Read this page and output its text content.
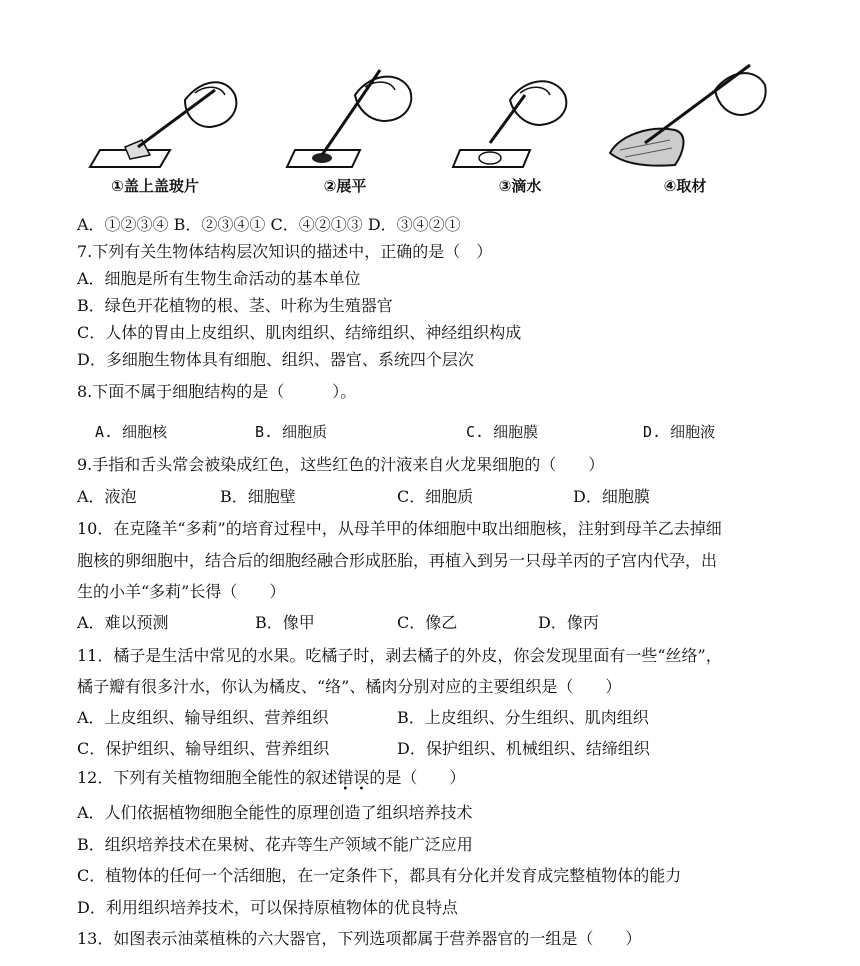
①盖上盖玻片	②展平	③滴水	④取材
A．①②③④ B．②③④① C．④②①③ D．③④②①
7.下列有关生物体结构层次知识的描述中，正确的是（　）
A．细胞是所有生物生命活动的基本单位
B．绿色开花植物的根、茎、叶称为生殖器官
C．人体的胃由上皮组织、肌肉组织、结缔组织、神经组织构成
D．多细胞生物体具有细胞、组织、器官、系统四个层次
8.下面不属于细胞结构的是（　　　）。
A. 细胞核	B. 细胞质	C. 细胞膜	D. 细胞液
9.手指和舌头常会被染成红色，这些红色的汁液来自火龙果细胞的（　　）
A．液泡	B．细胞壁	C．细胞质	D．细胞膜
10．在克隆羊“多莉”的培育过程中，从母羊甲的体细胞中取出细胞核，注射到母羊乙去掉细
胞核的卵细胞中，结合后的细胞经融合形成胚胎，再植入到另一只母羊丙的子宫内代孕，出
生的小羊“多莉”长得（　　）
A．难以预测	B．像甲	C．像乙	D．像丙
11．橘子是生活中常见的水果。吃橘子时，剥去橘子的外皮，你会发现里面有一些“丝络”，
橘子瓣有很多汁水，你认为橘皮、“络”、橘肉分别对应的主要组织是（　　）
A．上皮组织、输导组织、营养组织	B．上皮组织、分生组织、肌肉组织
C．保护组织、输导组织、营养组织	D．保护组织、机械组织、结缔组织
12．下列有关植物细胞全能性的叙述错
•
误
•
的是（　　）
A．人们依据植物细胞全能性的原理创造了组织培养技术
B．组织培养技术在果树、花卉等生产领域不能广泛应用
C．植物体的任何一个活细胞，在一定条件下，都具有分化并发育成完整植物体的能力
D．利用组织培养技术，可以保持原植物体的优良特点
13．如图表示油菜植株的六大器官，下列选项都属于营养器官的一组是（　　）
